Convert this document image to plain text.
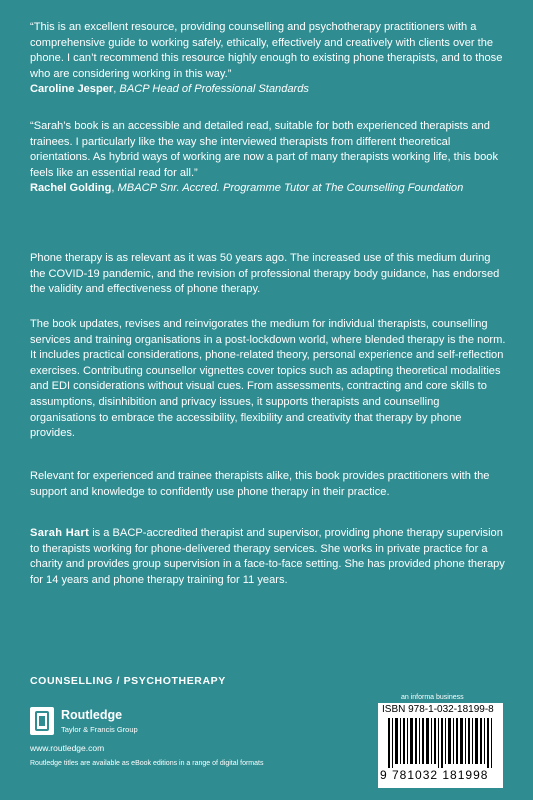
“This is an excellent resource, providing counselling and psychotherapy practitioners with a comprehensive guide to working safely, ethically, effectively and creatively with clients over the phone. I can’t recommend this resource highly enough to existing phone therapists, and to those who are considering working in this way.”
Caroline Jesper, BACP Head of Professional Standards
“Sarah’s book is an accessible and detailed read, suitable for both experienced therapists and trainees. I particularly like the way she interviewed therapists from different theoretical orientations. As hybrid ways of working are now a part of many therapists working life, this book feels like an essential read for all.”
Rachel Golding, MBACP Snr. Accred. Programme Tutor at The Counselling Foundation
Phone therapy is as relevant as it was 50 years ago. The increased use of this medium during the COVID-19 pandemic, and the revision of professional therapy body guidance, has endorsed the validity and effectiveness of phone therapy.
The book updates, revises and reinvigorates the medium for individual therapists, counselling services and training organisations in a post-lockdown world, where blended therapy is the norm. It includes practical considerations, phone-related theory, personal experience and self-reflection exercises. Contributing counsellor vignettes cover topics such as adapting theoretical modalities and EDI considerations without visual cues. From assessments, contracting and core skills to assumptions, disinhibition and privacy issues, it supports therapists and counselling organisations to embrace the accessibility, flexibility and creativity that therapy by phone provides.
Relevant for experienced and trainee therapists alike, this book provides practitioners with the support and knowledge to confidently use phone therapy in their practice.
Sarah Hart is a BACP-accredited therapist and supervisor, providing phone therapy supervision to therapists working for phone-delivered therapy services. She works in private practice for a charity and provides group supervision in a face-to-face setting. She has provided phone therapy for 14 years and phone therapy training for 11 years.
COUNSELLING / PSYCHOTHERAPY
Routledge
Taylor & Francis Group
www.routledge.com
Routledge titles are available as eBook editions in a range of digital formats
an informa business
ISBN 978-1-032-18199-8
9 781032 181998
